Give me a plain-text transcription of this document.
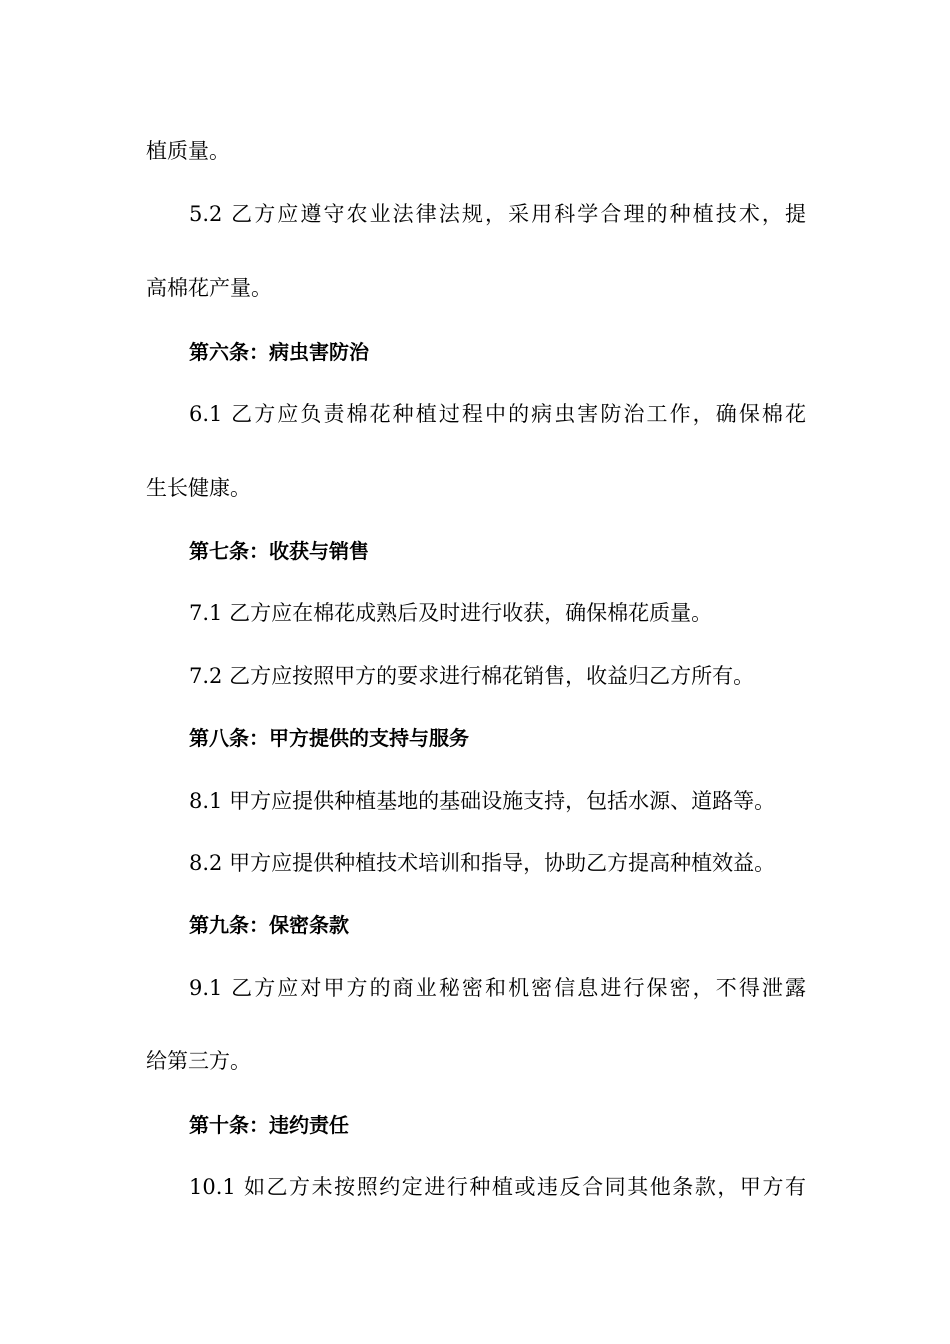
植质量。

5.2 乙方应遵守农业法律法规，采用科学合理的种植技术，提

高棉花产量。

第六条：病虫害防治

6.1 乙方应负责棉花种植过程中的病虫害防治工作，确保棉花

生长健康。

第七条：收获与销售

7.1 乙方应在棉花成熟后及时进行收获，确保棉花质量。

7.2 乙方应按照甲方的要求进行棉花销售，收益归乙方所有。

第八条：甲方提供的支持与服务

8.1 甲方应提供种植基地的基础设施支持，包括水源、道路等。

8.2 甲方应提供种植技术培训和指导，协助乙方提高种植效益。

第九条：保密条款

9.1 乙方应对甲方的商业秘密和机密信息进行保密，不得泄露

给第三方。

第十条：违约责任

10.1 如乙方未按照约定进行种植或违反合同其他条款，甲方有
